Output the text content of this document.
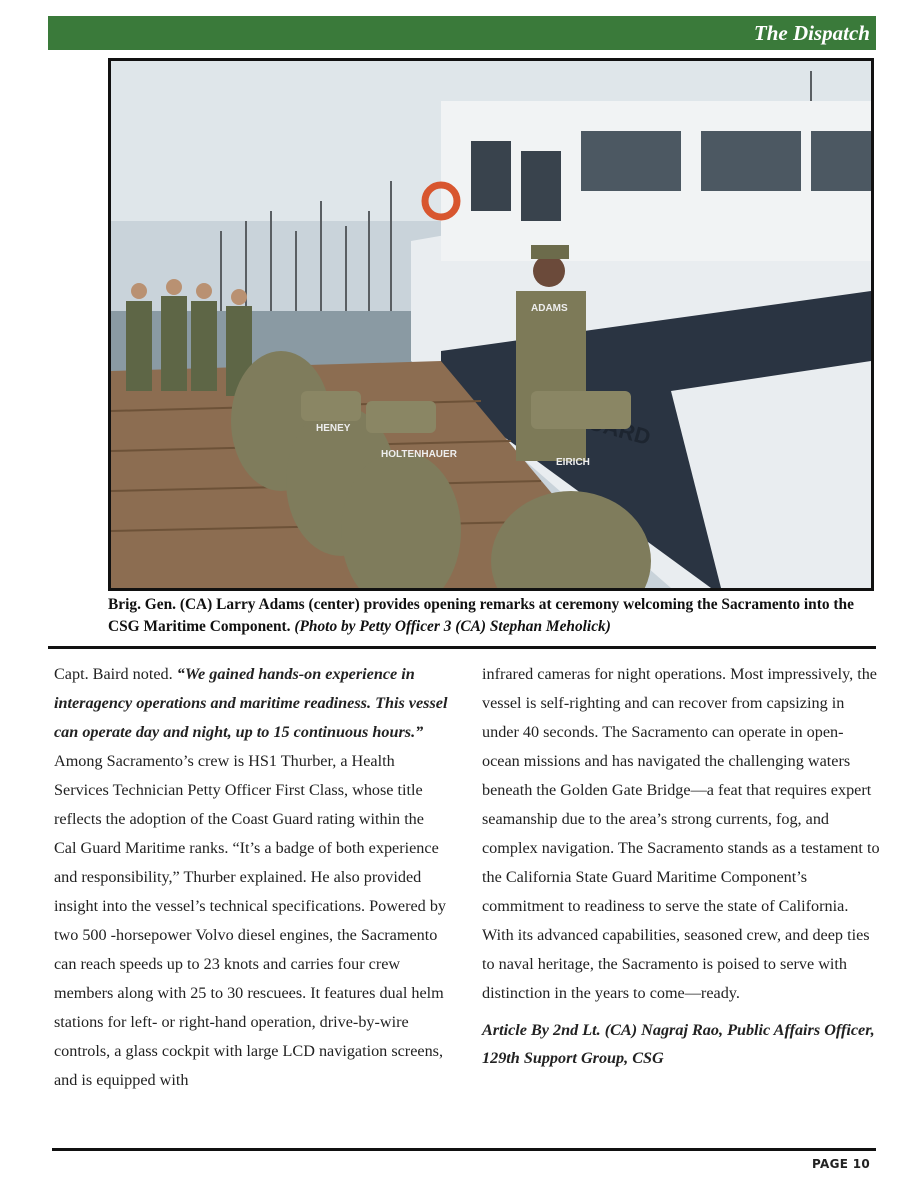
The Dispatch
EIRICH
HOLTENHAUER
HENEY
ADAMS
Brig. Gen. (CA) Larry Adams (center) provides opening remarks at ceremony welcoming the Sacramento into the CSG Maritime Component. (Photo by Petty Officer 3 (CA) Stephan Meholick)

Capt. Baird noted. “We gained hands-on experience in interagency operations and maritime readiness. This vessel can operate day and night, up to 15 continuous hours.” Among Sacramento’s crew is HS1 Thurber, a Health Services Technician Petty Officer First Class, whose title reflects the adoption of the Coast Guard rating within the Cal Guard Maritime ranks. “It’s a badge of both experience and responsibility,” Thurber explained. He also provided insight into the vessel’s technical specifications. Powered by two 500 -horsepower Volvo diesel engines, the Sacramento can reach speeds up to 23 knots and carries four crew members along with 25 to 30 rescuees. It features dual helm stations for left- or right-hand operation, drive-by-wire controls, a glass cockpit with large LCD navigation screens, and is equipped with

infrared cameras for night operations. Most impressively, the vessel is self-righting and can recover from capsizing in under 40 seconds. The Sacramento can operate in open-ocean missions and has navigated the challenging waters beneath the Golden Gate Bridge—a feat that requires expert seamanship due to the area’s strong currents, fog, and complex navigation. The Sacramento stands as a testament to the California State Guard Maritime Component’s commitment to readiness to serve the state of California. With its advanced capabilities, seasoned crew, and deep ties to naval heritage, the Sacramento is poised to serve with distinction in the years to come—ready.

Article By 2nd Lt. (CA) Nagraj Rao, Public Affairs Officer, 129th Support Group, CSG

PAGE 10
